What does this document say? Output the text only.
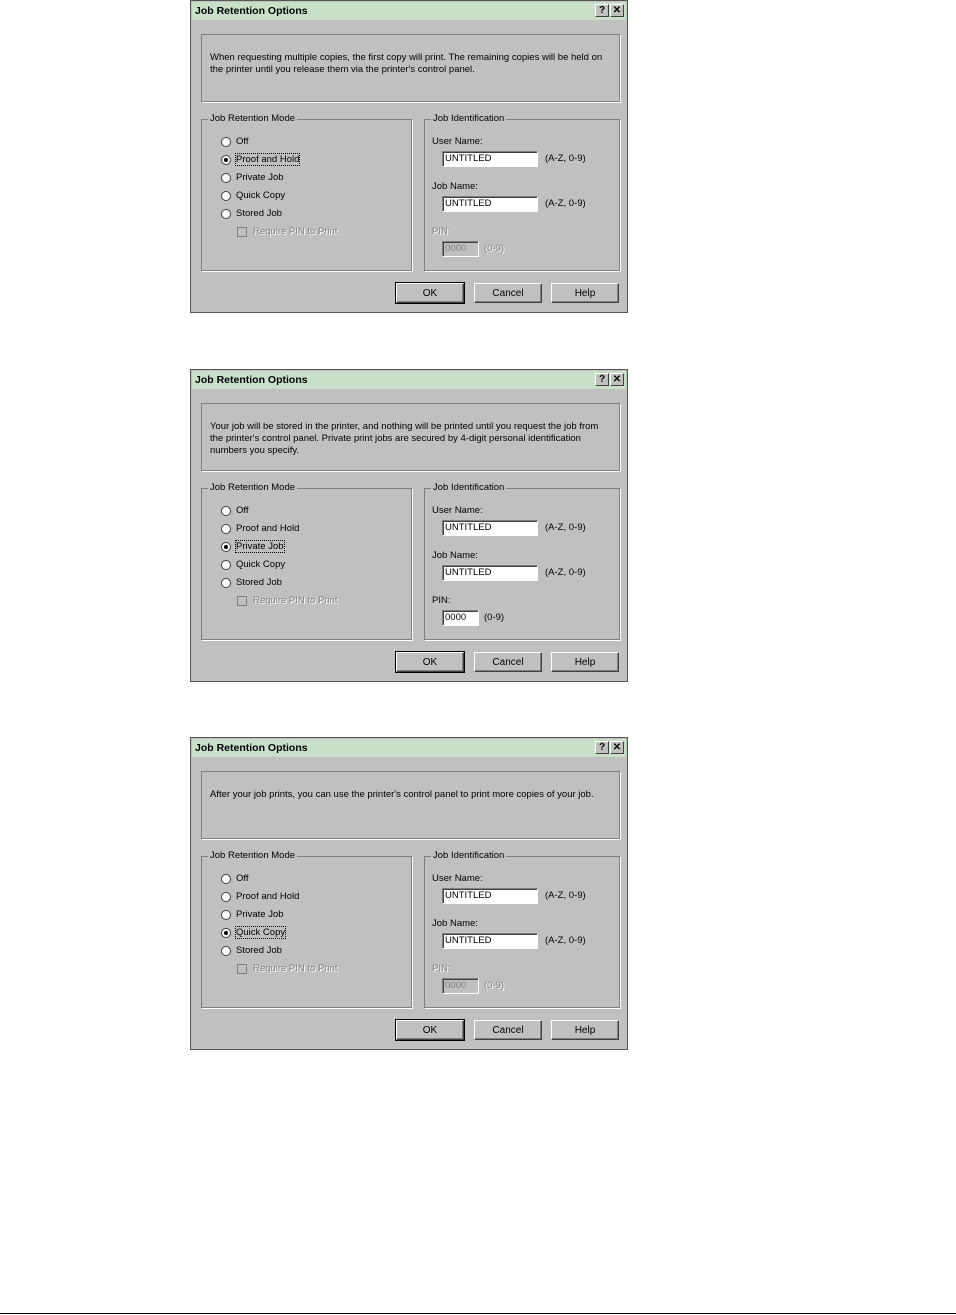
Job Retention Options	? ✕
When requesting multiple copies, the first copy will print. The remaining copies will be held on the printer until you release them via the printer's control panel.
Job Retention Mode
Off
Proof and Hold
Private Job
Quick Copy
Stored Job
Require PIN to Print
Job Identification
User Name:
UNTITLED	(A-Z, 0-9)
Job Name:
UNTITLED	(A-Z, 0-9)
PIN:
0000	(0-9)
OK	Cancel	Help
Job Retention Options	? ✕
Your job will be stored in the printer, and nothing will be printed until you request the job from the printer's control panel. Private print jobs are secured by 4-digit personal identification numbers you specify.
Job Retention Mode
Off
Proof and Hold
Private Job
Quick Copy
Stored Job
Require PIN to Print
Job Identification
User Name:
UNTITLED	(A-Z, 0-9)
Job Name:
UNTITLED	(A-Z, 0-9)
PIN:
0000	(0-9)
OK	Cancel	Help
Job Retention Options	? ✕
After your job prints, you can use the printer's control panel to print more copies of your job.
Job Retention Mode
Off
Proof and Hold
Private Job
Quick Copy
Stored Job
Require PIN to Print
Job Identification
User Name:
UNTITLED	(A-Z, 0-9)
Job Name:
UNTITLED	(A-Z, 0-9)
PIN:
0000	(0-9)
OK	Cancel	Help
